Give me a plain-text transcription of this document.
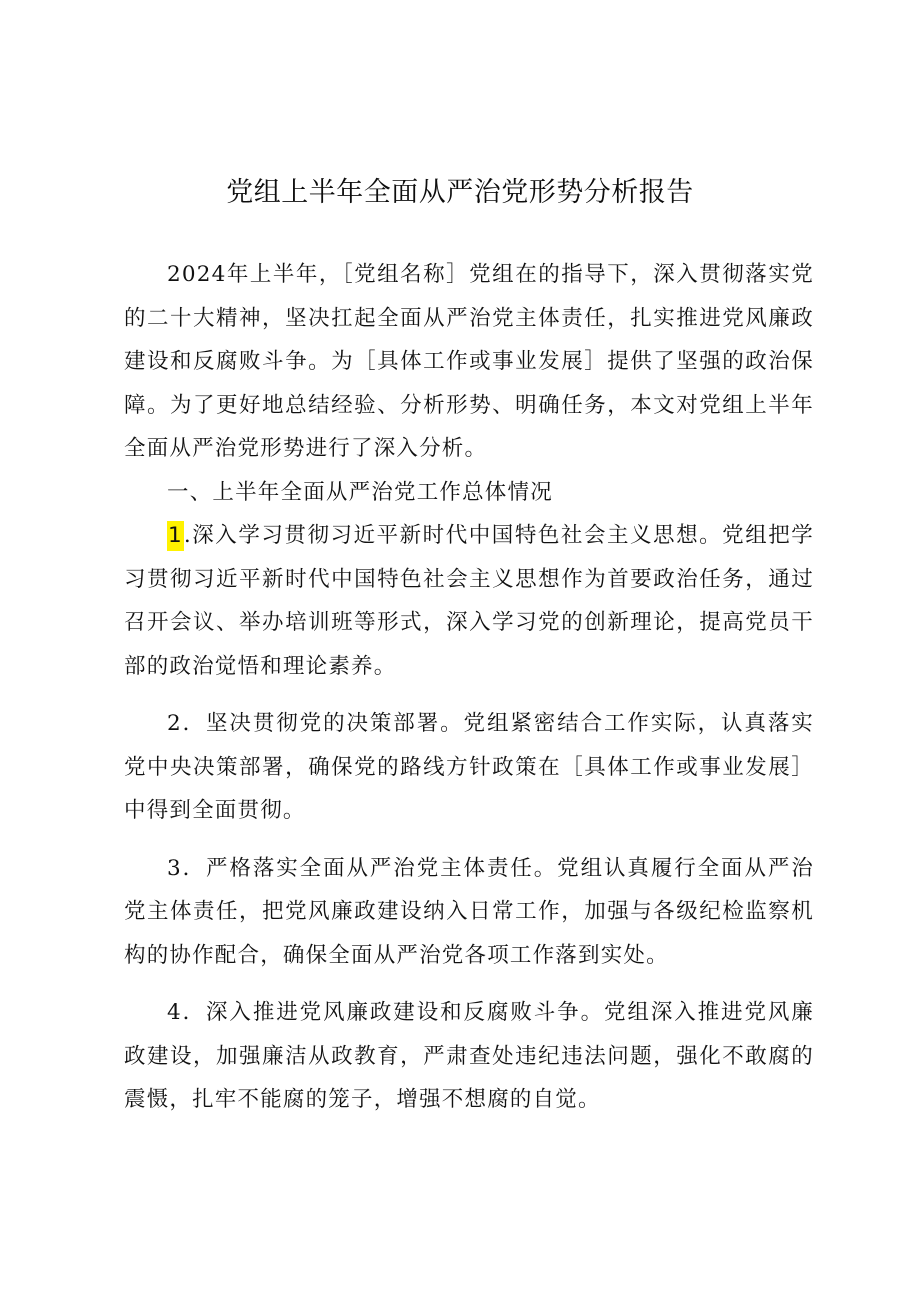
党组上半年全面从严治党形势分析报告

2024年上半年，［党组名称］党组在的指导下，深入贯彻落实党的二十大精神，坚决扛起全面从严治党主体责任，扎实推进党风廉政建设和反腐败斗争。为［具体工作或事业发展］提供了坚强的政治保障。为了更好地总结经验、分析形势、明确任务，本文对党组上半年全面从严治党形势进行了深入分析。

一、上半年全面从严治党工作总体情况

1.深入学习贯彻习近平新时代中国特色社会主义思想。党组把学习贯彻习近平新时代中国特色社会主义思想作为首要政治任务，通过召开会议、举办培训班等形式，深入学习党的创新理论，提高党员干部的政治觉悟和理论素养。

2．坚决贯彻党的决策部署。党组紧密结合工作实际，认真落实党中央决策部署，确保党的路线方针政策在［具体工作或事业发展］中得到全面贯彻。

3．严格落实全面从严治党主体责任。党组认真履行全面从严治党主体责任，把党风廉政建设纳入日常工作，加强与各级纪检监察机构的协作配合，确保全面从严治党各项工作落到实处。

4．深入推进党风廉政建设和反腐败斗争。党组深入推进党风廉政建设，加强廉洁从政教育，严肃查处违纪违法问题，强化不敢腐的震慑，扎牢不能腐的笼子，增强不想腐的自觉。
